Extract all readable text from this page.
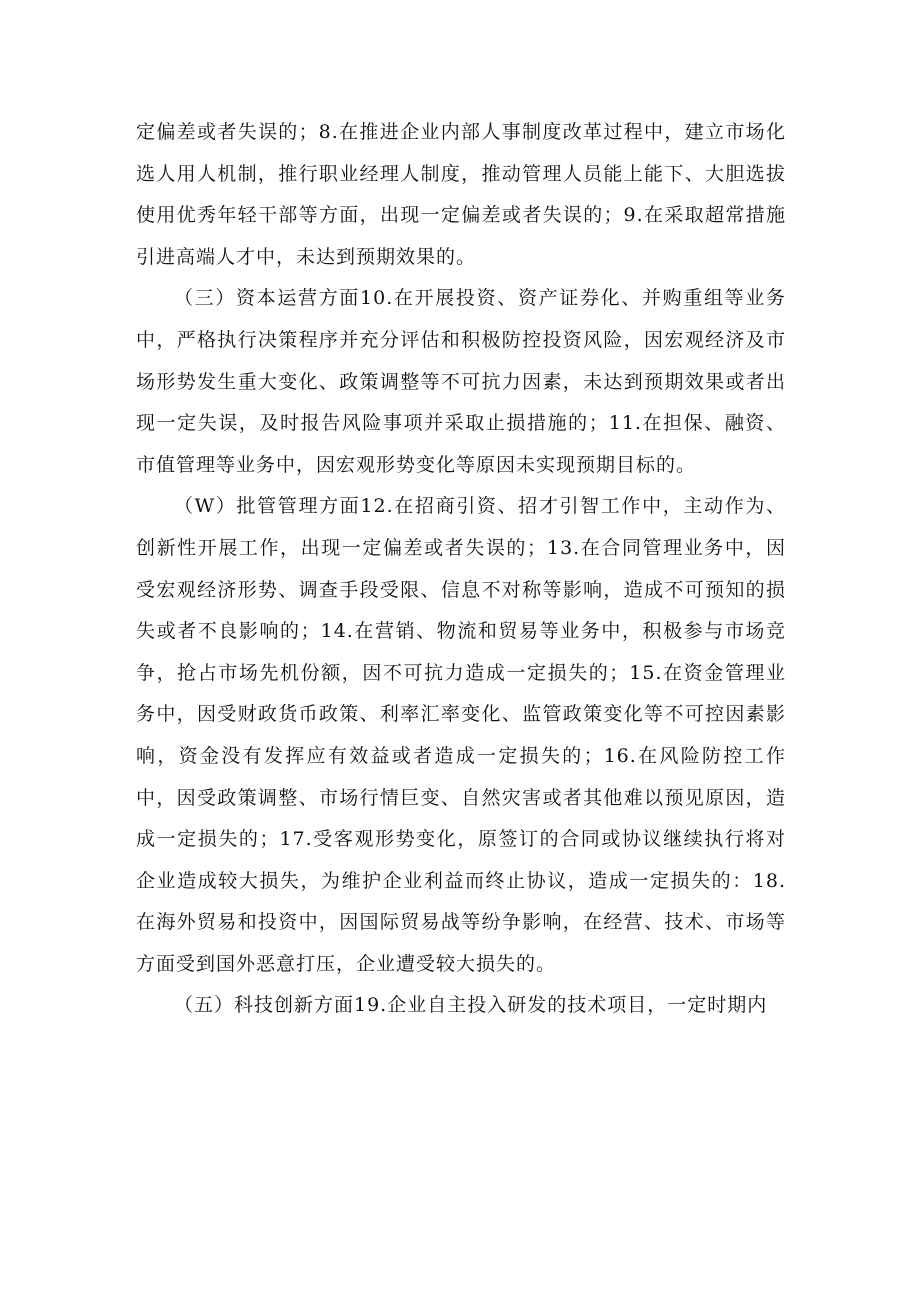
定偏差或者失误的；8.在推进企业内部人事制度改革过程中，建立市场化选人用人机制，推行职业经理人制度，推动管理人员能上能下、大胆选拔使用优秀年轻干部等方面，出现一定偏差或者失误的；9.在采取超常措施引进高端人才中，未达到预期效果的。

（三）资本运营方面10.在开展投资、资产证券化、并购重组等业务中，严格执行决策程序并充分评估和积极防控投资风险，因宏观经济及市场形势发生重大变化、政策调整等不可抗力因素，未达到预期效果或者出现一定失误，及时报告风险事项并采取止损措施的；11.在担保、融资、市值管理等业务中，因宏观形势变化等原因未实现预期目标的。

（W）批管管理方面12.在招商引资、招才引智工作中，主动作为、创新性开展工作，出现一定偏差或者失误的；13.在合同管理业务中，因受宏观经济形势、调查手段受限、信息不对称等影响，造成不可预知的损失或者不良影响的；14.在营销、物流和贸易等业务中，积极参与市场竞争，抢占市场先机份额，因不可抗力造成一定损失的；15.在资金管理业务中，因受财政货币政策、利率汇率变化、监管政策变化等不可控因素影响，资金没有发挥应有效益或者造成一定损失的；16.在风险防控工作中，因受政策调整、市场行情巨变、自然灾害或者其他难以预见原因，造成一定损失的；17.受客观形势变化，原签订的合同或协议继续执行将对企业造成较大损失，为维护企业利益而终止协议，造成一定损失的：18.在海外贸易和投资中，因国际贸易战等纷争影响，在经营、技术、市场等方面受到国外恶意打压，企业遭受较大损失的。

（五）科技创新方面19.企业自主投入研发的技术项目，一定时期内
